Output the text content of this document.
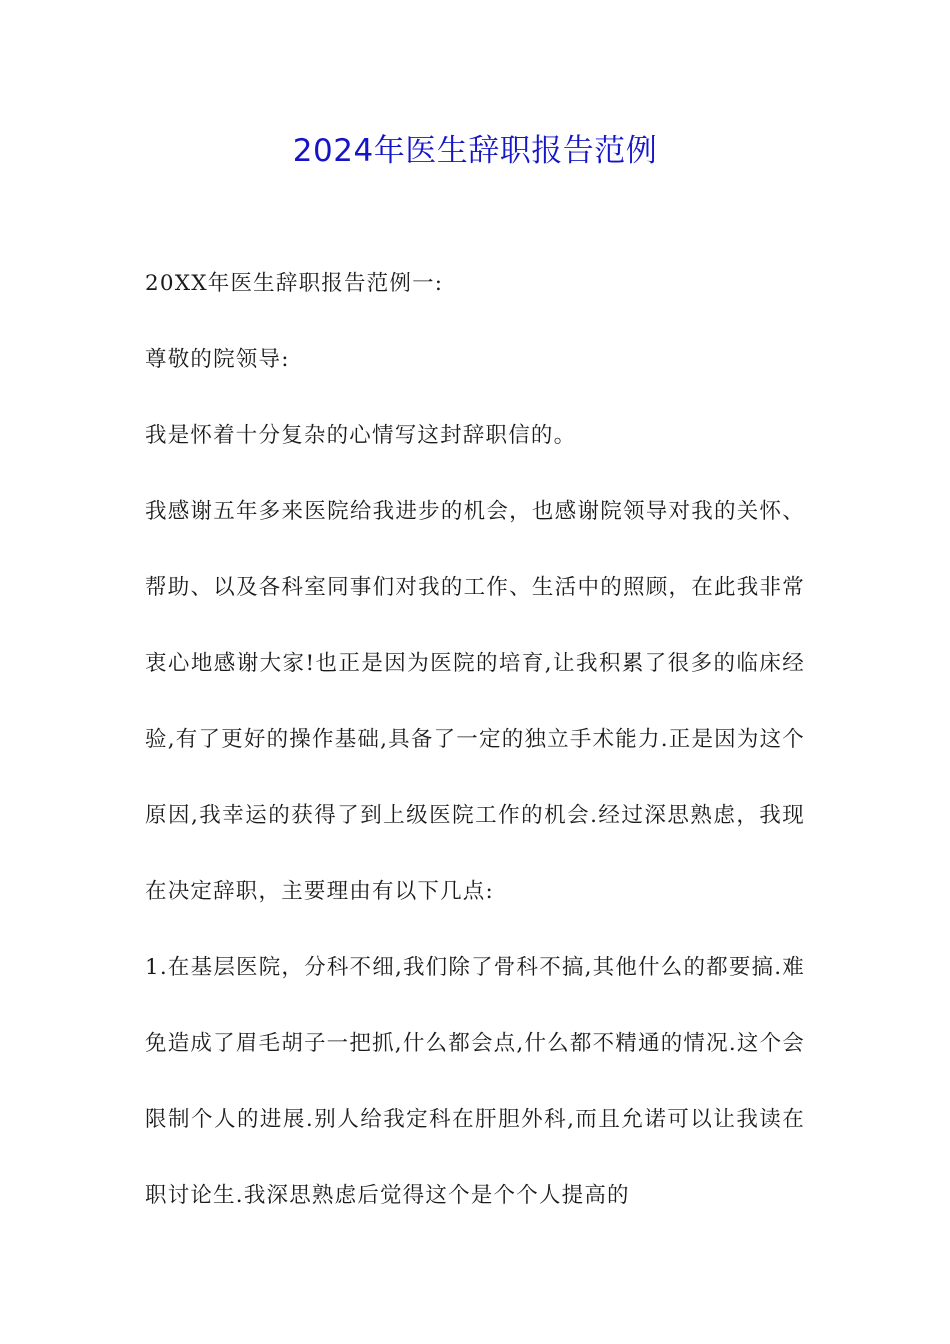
2024年医生辞职报告范例

20XX年医生辞职报告范例一:

尊敬的院领导:

我是怀着十分复杂的心情写这封辞职信的。

我感谢五年多来医院给我进步的机会，也感谢院领导对我的关怀、帮助、以及各科室同事们对我的工作、生活中的照顾，在此我非常衷心地感谢大家!也正是因为医院的培育,让我积累了很多的临床经验,有了更好的操作基础,具备了一定的独立手术能力.正是因为这个原因,我幸运的获得了到上级医院工作的机会.经过深思熟虑，我现在决定辞职，主要理由有以下几点:

1.在基层医院，分科不细,我们除了骨科不搞,其他什么的都要搞.难免造成了眉毛胡子一把抓,什么都会点,什么都不精通的情况.这个会限制个人的进展.别人给我定科在肝胆外科,而且允诺可以让我读在职讨论生.我深思熟虑后觉得这个是个个人提高的
